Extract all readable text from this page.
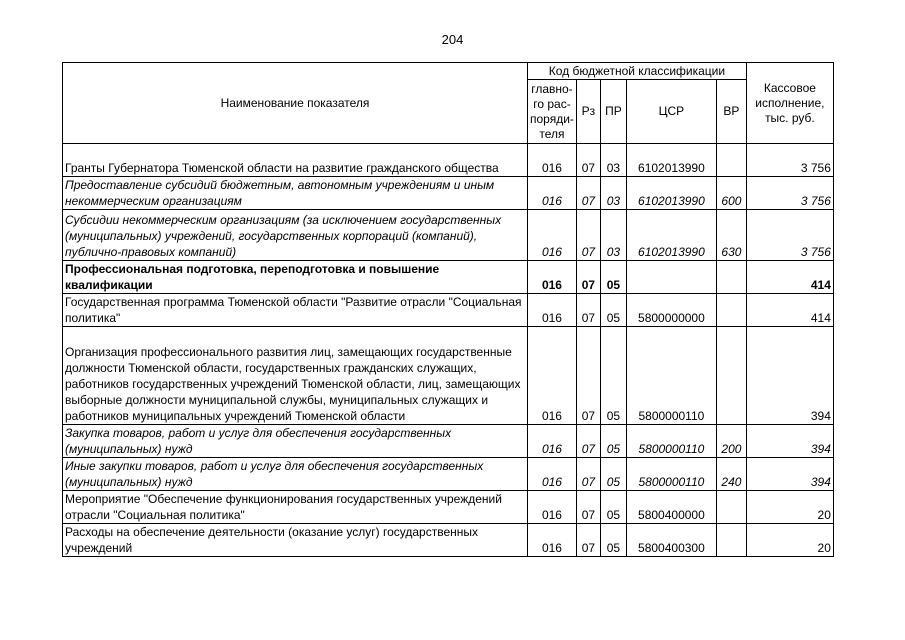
204
Наименование показателя	Код бюджетной классификации					Кассовое исполнение, тыс. руб.
	главно-го рас-поряди-теля	Рз	ПР	ЦСР	ВР	
Гранты Губернатора Тюменской области на развитие гражданского общества	016	07	03	6102013990		3 756
Предоставление субсидий бюджетным, автономным учреждениям и иным некоммерческим организациям	016	07	03	6102013990	600	3 756
Субсидии некоммерческим организациям (за исключением государственных (муниципальных) учреждений, государственных корпораций (компаний), публично-правовых компаний)	016	07	03	6102013990	630	3 756
Профессиональная подготовка, переподготовка и повышение квалификации	016	07	05			414
Государственная программа Тюменской области "Развитие отрасли "Социальная политика"	016	07	05	5800000000		414
Организация профессионального развития лиц, замещающих государственные должности Тюменской области, государственных гражданских служащих, работников государственных учреждений Тюменской области, лиц, замещающих выборные должности муниципальной службы, муниципальных служащих и работников муниципальных учреждений Тюменской области	016	07	05	5800000110		394
Закупка товаров, работ и услуг для обеспечения государственных (муниципальных) нужд	016	07	05	5800000110	200	394
Иные закупки товаров, работ и услуг для обеспечения государственных (муниципальных) нужд	016	07	05	5800000110	240	394
Мероприятие "Обеспечение функционирования государственных учреждений отрасли "Социальная политика"	016	07	05	5800400000		20
Расходы на обеспечение деятельности (оказание услуг) государственных учреждений	016	07	05	5800400300		20
